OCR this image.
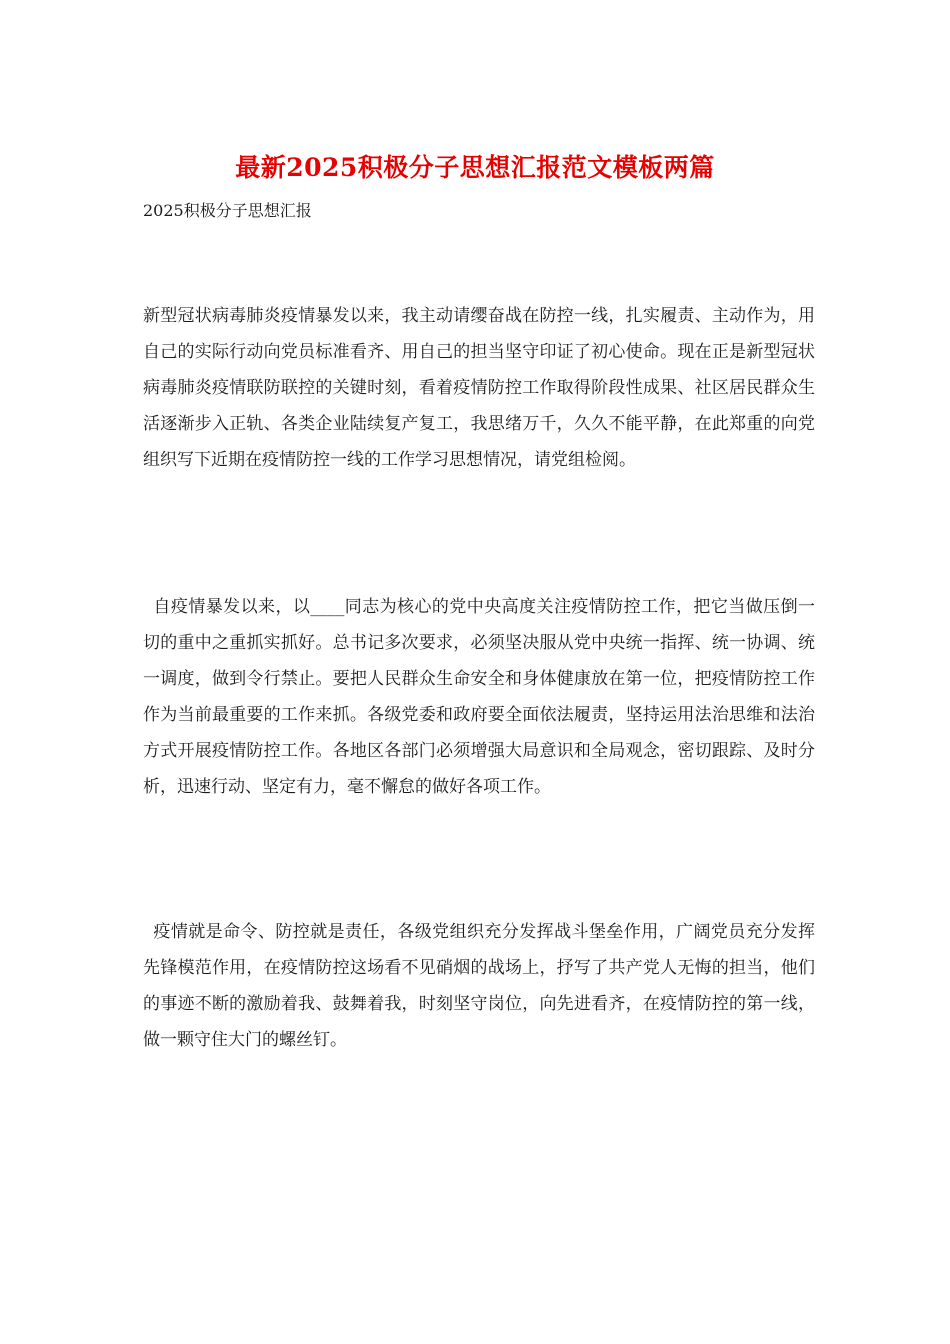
最新2025积极分子思想汇报范文模板两篇
2025积极分子思想汇报

新型冠状病毒肺炎疫情暴发以来，我主动请缨奋战在防控一线，扎实履责、主动作为，用自己的实际行动向党员标准看齐、用自己的担当坚守印证了初心使命。现在正是新型冠状病毒肺炎疫情联防联控的关键时刻，看着疫情防控工作取得阶段性成果、社区居民群众生活逐渐步入正轨、各类企业陆续复产复工，我思绪万千，久久不能平静，在此郑重的向党组织写下近期在疫情防控一线的工作学习思想情况，请党组检阅。

自疫情暴发以来，以____同志为核心的党中央高度关注疫情防控工作，把它当做压倒一切的重中之重抓实抓好。总书记多次要求，必须坚决服从党中央统一指挥、统一协调、统一调度，做到令行禁止。要把人民群众生命安全和身体健康放在第一位，把疫情防控工作作为当前最重要的工作来抓。各级党委和政府要全面依法履责，坚持运用法治思维和法治方式开展疫情防控工作。各地区各部门必须增强大局意识和全局观念，密切跟踪、及时分析，迅速行动、坚定有力，毫不懈怠的做好各项工作。

疫情就是命令、防控就是责任，各级党组织充分发挥战斗堡垒作用，广阔党员充分发挥先锋模范作用，在疫情防控这场看不见硝烟的战场上，抒写了共产党人无悔的担当，他们的事迹不断的激励着我、鼓舞着我，时刻坚守岗位，向先进看齐，在疫情防控的第一线，做一颗守住大门的螺丝钉。
